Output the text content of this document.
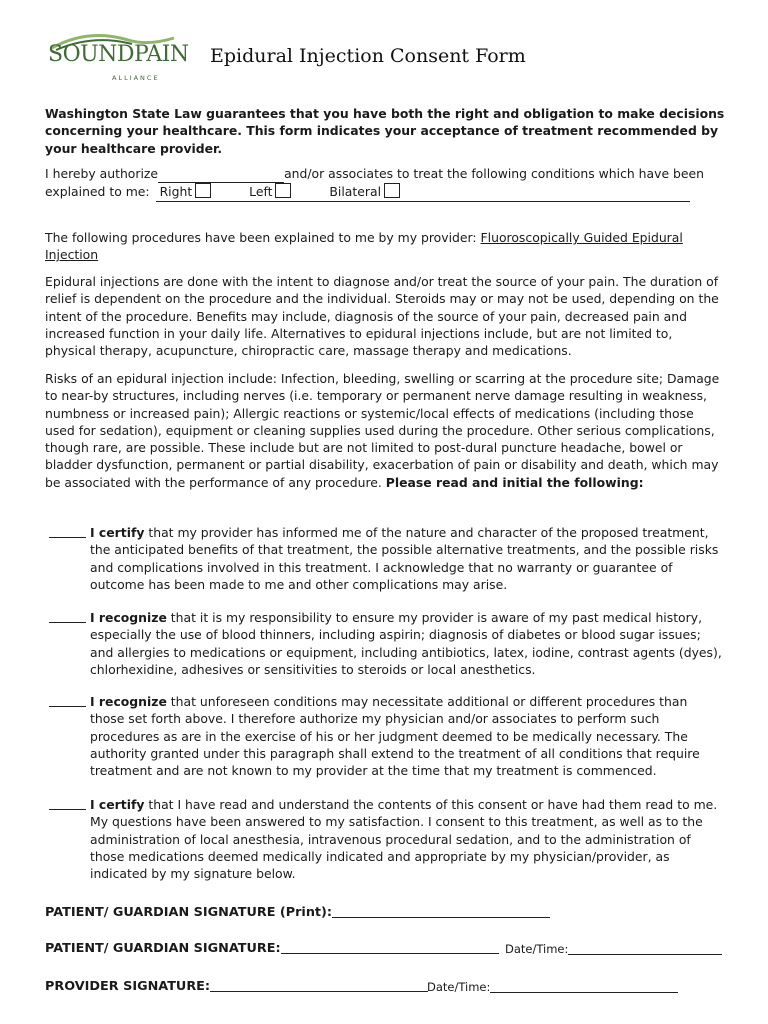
SOUNDPAIN
ALLIANCE
Epidural Injection Consent Form

Washington State Law guarantees that you have both the right and obligation to make decisions concerning your healthcare. This form indicates your acceptance of treatment recommended by your healthcare provider.

I hereby authorize	and/or associates to treat the following conditions which have been explained to me: Right	Left	Bilateral
The following procedures have been explained to me by my provider: Fluoroscopically Guided Epidural Injection

Epidural injections are done with the intent to diagnose and/or treat the source of your pain. The duration of relief is dependent on the procedure and the individual. Steroids may or may not be used, depending on the intent of the procedure. Benefits may include, diagnosis of the source of your pain, decreased pain and increased function in your daily life. Alternatives to epidural injections include, but are not limited to, physical therapy, acupuncture, chiropractic care, massage therapy and medications.

Risks of an epidural injection include: Infection, bleeding, swelling or scarring at the procedure site; Damage to near-by structures, including nerves (i.e. temporary or permanent nerve damage resulting in weakness, numbness or increased pain); Allergic reactions or systemic/local effects of medications (including those used for sedation), equipment or cleaning supplies used during the procedure. Other serious complications, though rare, are possible. These include but are not limited to post-dural puncture headache, bowel or bladder dysfunction, permanent or partial disability, exacerbation of pain or disability and death, which may be associated with the performance of any procedure. Please read and initial the following:

I certify that my provider has informed me of the nature and character of the proposed treatment, the anticipated benefits of that treatment, the possible alternative treatments, and the possible risks and complications involved in this treatment. I acknowledge that no warranty or guarantee of outcome has been made to me and other complications may arise.

I recognize that it is my responsibility to ensure my provider is aware of my past medical history, especially the use of blood thinners, including aspirin; diagnosis of diabetes or blood sugar issues; and allergies to medications or equipment, including antibiotics, latex, iodine, contrast agents (dyes), chlorhexidine, adhesives or sensitivities to steroids or local anesthetics.

I recognize that unforeseen conditions may necessitate additional or different procedures than those set forth above. I therefore authorize my physician and/or associates to perform such procedures as are in the exercise of his or her judgment deemed to be medically necessary. The authority granted under this paragraph shall extend to the treatment of all conditions that require treatment and are not known to my provider at the time that my treatment is commenced.

I certify that I have read and understand the contents of this consent or have had them read to me. My questions have been answered to my satisfaction. I consent to this treatment, as well as to the administration of local anesthesia, intravenous procedural sedation, and to the administration of those medications deemed medically indicated and appropriate by my physician/provider, as indicated by my signature below.

PATIENT/ GUARDIAN SIGNATURE (Print):
PATIENT/ GUARDIAN SIGNATURE:	Date/Time:
PROVIDER SIGNATURE:	Date/Time:
